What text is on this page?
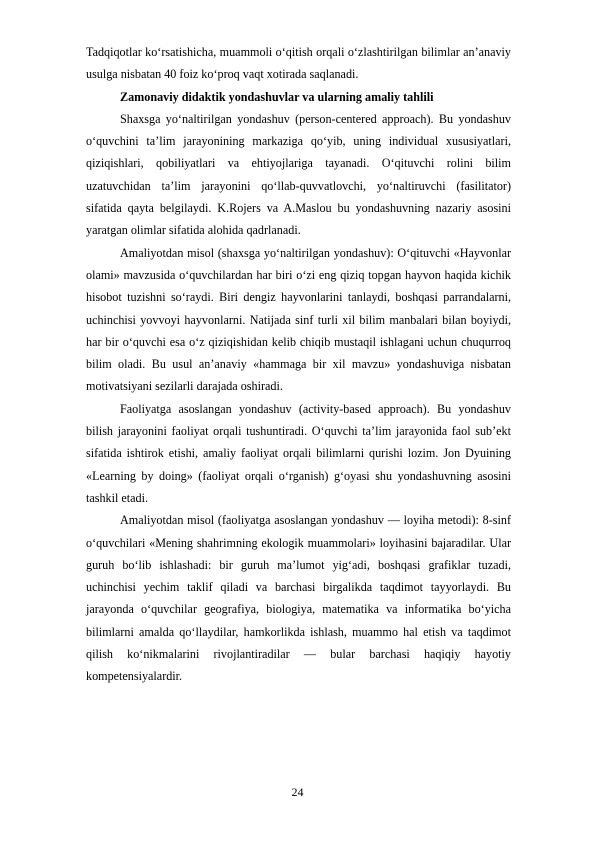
Tadqiqotlar ko‘rsatishicha, muammoli o‘qitish orqali o‘zlashtirilgan bilimlar an’anaviy usulga nisbatan 40 foiz ko‘proq vaqt xotirada saqlanadi.

Zamonaviy didaktik yondashuvlar va ularning amaliy tahlili

Shaxsga yo‘naltirilgan yondashuv (person-centered approach). Bu yondashuv o‘quvchini ta’lim jarayonining markaziga qo‘yib, uning individual xususiyatlari, qiziqishlari, qobiliyatlari va ehtiyojlariga tayanadi. O‘qituvchi rolini bilim uzatuvchidan ta’lim jarayonini qo‘llab-quvvatlovchi, yo‘naltiruvchi (fasilitator) sifatida qayta belgilaydi. K.Rojers va A.Maslou bu yondashuvning nazariy asosini yaratgan olimlar sifatida alohida qadrlanadi.

Amaliyotdan misol (shaxsga yo‘naltirilgan yondashuv): O‘qituvchi «Hayvonlar olami» mavzusida o‘quvchilardan har biri o‘zi eng qiziq topgan hayvon haqida kichik hisobot tuzishni so‘raydi. Biri dengiz hayvonlarini tanlaydi, boshqasi parrandalarni, uchinchisi yovvoyi hayvonlarni. Natijada sinf turli xil bilim manbalari bilan boyiydi, har bir o‘quvchi esa o‘z qiziqishidan kelib chiqib mustaqil ishlagani uchun chuqurroq bilim oladi. Bu usul an’anaviy «hammaga bir xil mavzu» yondashuviga nisbatan motivatsiyani sezilarli darajada oshiradi.

Faoliyatga asoslangan yondashuv (activity-based approach). Bu yondashuv bilish jarayonini faoliyat orqali tushuntiradi. O‘quvchi ta’lim jarayonida faol sub’ekt sifatida ishtirok etishi, amaliy faoliyat orqali bilimlarni qurishi lozim. Jon Dyuining «Learning by doing» (faoliyat orqali o‘rganish) g‘oyasi shu yondashuvning asosini tashkil etadi.

Amaliyotdan misol (faoliyatga asoslangan yondashuv — loyiha metodi): 8-sinf o‘quvchilari «Mening shahrimning ekologik muammolari» loyihasini bajaradilar. Ular guruh bo‘lib ishlashadi: bir guruh ma’lumot yig‘adi, boshqasi grafiklar tuzadi, uchinchisi yechim taklif qiladi va barchasi birgalikda taqdimot tayyorlaydi. Bu jarayonda o‘quvchilar geografiya, biologiya, matematika va informatika bo‘yicha bilimlarni amalda qo‘llaydilar, hamkorlikda ishlash, muammo hal etish va taqdimot qilish ko‘nikmalarini rivojlantiradilar — bular barchasi haqiqiy hayotiy kompetensiyalardir.

24
